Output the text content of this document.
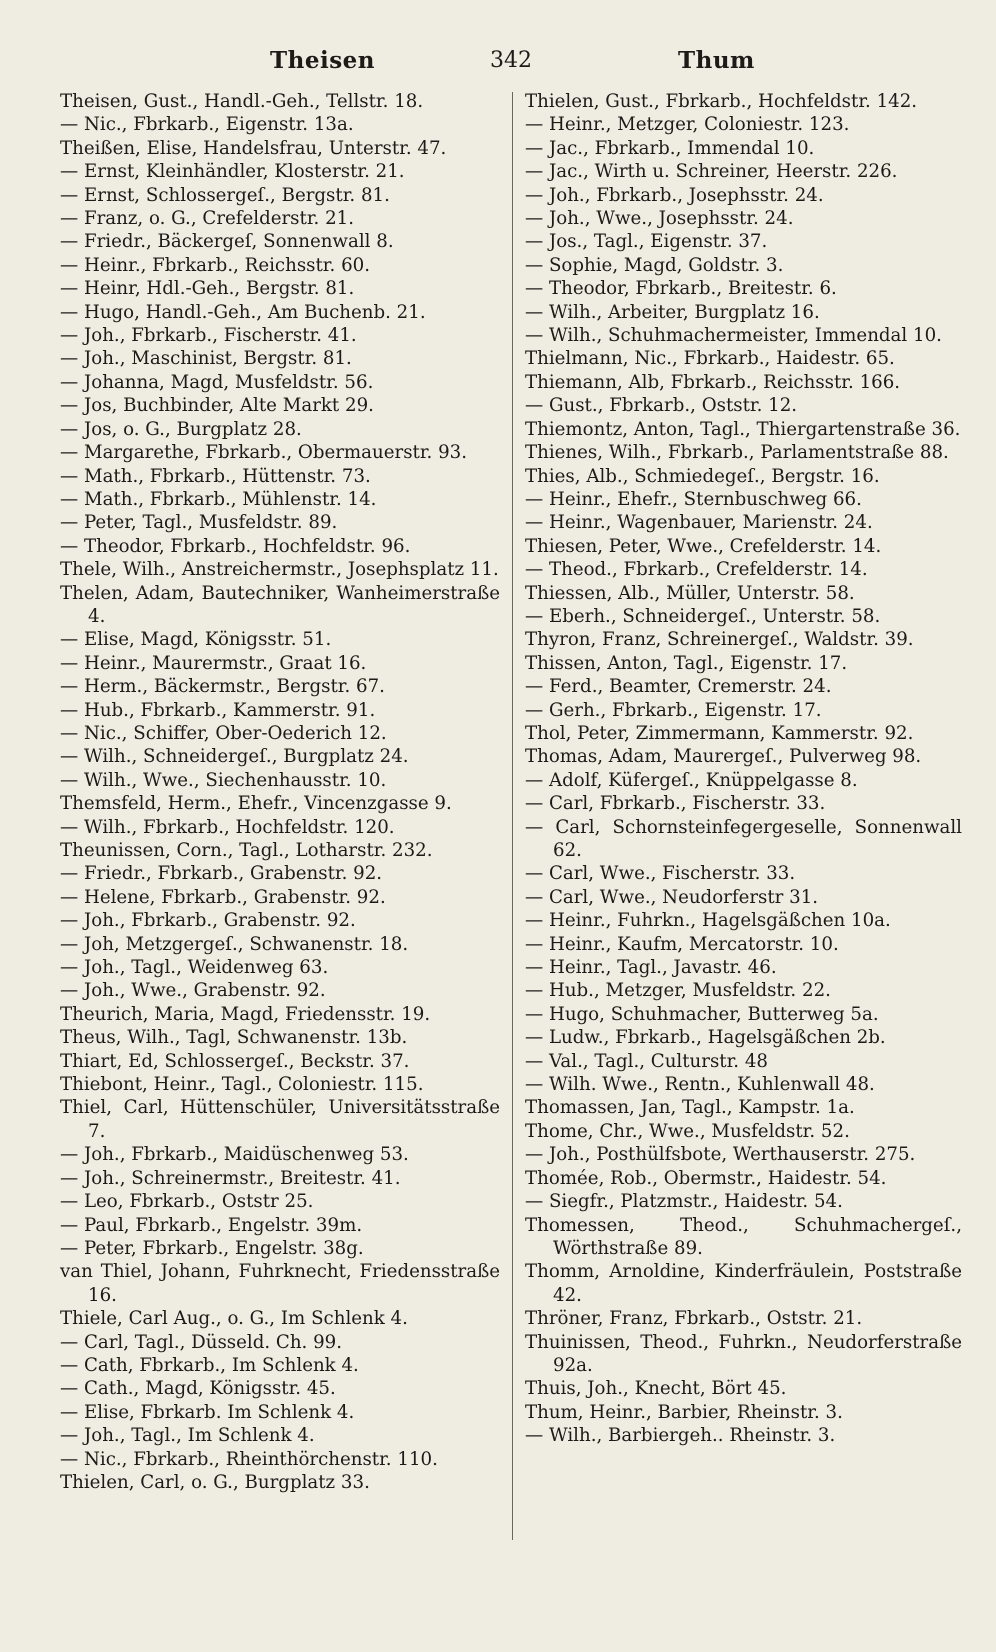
Theisen	342	Thum
Theisen, Gust., Handl.-Geh., Tellstr. 18.
— Nic., Fbrkarb., Eigenstr. 13a.
Theißen, Elise, Handelsfrau, Unterstr. 47.
— Ernst, Kleinhändler, Klosterstr. 21.
— Ernst, Schlossergeſ., Bergstr. 81.
— Franz, o. G., Crefelderstr. 21.
— Friedr., Bäckergeſ, Sonnenwall 8.
— Heinr., Fbrkarb., Reichsstr. 60.
— Heinr, Hdl.-Geh., Bergstr. 81.
— Hugo, Handl.-Geh., Am Buchenb. 21.
— Joh., Fbrkarb., Fischerstr. 41.
— Joh., Maschinist, Bergstr. 81.
— Johanna, Magd, Musfeldstr. 56.
— Jos, Buchbinder, Alte Markt 29.
— Jos, o. G., Burgplatz 28.
— Margarethe, Fbrkarb., Obermauerstr. 93.
— Math., Fbrkarb., Hüttenstr. 73.
— Math., Fbrkarb., Mühlenstr. 14.
— Peter, Tagl., Musfeldstr. 89.
— Theodor, Fbrkarb., Hochfeldstr. 96.
Thele, Wilh., Anstreichermstr., Josephsplatz 11.
Thelen, Adam, Bautechniker, Wanheimerstraße 4.
— Elise, Magd, Königsstr. 51.
— Heinr., Maurermstr., Graat 16.
— Herm., Bäckermstr., Bergstr. 67.
— Hub., Fbrkarb., Kammerstr. 91.
— Nic., Schiffer, Ober-Oederich 12.
— Wilh., Schneidergeſ., Burgplatz 24.
— Wilh., Wwe., Siechenhausstr. 10.
Themsfeld, Herm., Ehefr., Vincenzgasse 9.
— Wilh., Fbrkarb., Hochfeldstr. 120.
Theunissen, Corn., Tagl., Lotharstr. 232.
— Friedr., Fbrkarb., Grabenstr. 92.
— Helene, Fbrkarb., Grabenstr. 92.
— Joh., Fbrkarb., Grabenstr. 92.
— Joh, Metzgergeſ., Schwanenstr. 18.
— Joh., Tagl., Weidenweg 63.
— Joh., Wwe., Grabenstr. 92.
Theurich, Maria, Magd, Friedensstr. 19.
Theus, Wilh., Tagl, Schwanenstr. 13b.
Thiart, Ed, Schlossergeſ., Beckstr. 37.
Thiebont, Heinr., Tagl., Coloniestr. 115.
Thiel, Carl, Hüttenschüler, Universitätsstraße 7.
— Joh., Fbrkarb., Maidüschenweg 53.
— Joh., Schreinermstr., Breitestr. 41.
— Leo, Fbrkarb., Oststr 25.
— Paul, Fbrkarb., Engelstr. 39m.
— Peter, Fbrkarb., Engelstr. 38g.
van Thiel, Johann, Fuhrknecht, Friedensstraße 16.
Thiele, Carl Aug., o. G., Im Schlenk 4.
— Carl, Tagl., Düsseld. Ch. 99.
— Cath, Fbrkarb., Im Schlenk 4.
— Cath., Magd, Königsstr. 45.
— Elise, Fbrkarb. Im Schlenk 4.
— Joh., Tagl., Im Schlenk 4.
— Nic., Fbrkarb., Rheinthörchenstr. 110.
Thielen, Carl, o. G., Burgplatz 33.
Thielen, Gust., Fbrkarb., Hochfeldstr. 142.
— Heinr., Metzger, Coloniestr. 123.
— Jac., Fbrkarb., Immendal 10.
— Jac., Wirth u. Schreiner, Heerstr. 226.
— Joh., Fbrkarb., Josephsstr. 24.
— Joh., Wwe., Josephsstr. 24.
— Jos., Tagl., Eigenstr. 37.
— Sophie, Magd, Goldstr. 3.
— Theodor, Fbrkarb., Breitestr. 6.
— Wilh., Arbeiter, Burgplatz 16.
— Wilh., Schuhmachermeister, Immendal 10.
Thielmann, Nic., Fbrkarb., Haidestr. 65.
Thiemann, Alb, Fbrkarb., Reichsstr. 166.
— Gust., Fbrkarb., Oststr. 12.
Thiemontz, Anton, Tagl., Thiergartenstraße 36.
Thienes, Wilh., Fbrkarb., Parlamentstraße 88.
Thies, Alb., Schmiedegeſ., Bergstr. 16.
— Heinr., Ehefr., Sternbuschweg 66.
— Heinr., Wagenbauer, Marienstr. 24.
Thiesen, Peter, Wwe., Crefelderstr. 14.
— Theod., Fbrkarb., Crefelderstr. 14.
Thiessen, Alb., Müller, Unterstr. 58.
— Eberh., Schneidergeſ., Unterstr. 58.
Thyron, Franz, Schreinergeſ., Waldstr. 39.
Thissen, Anton, Tagl., Eigenstr. 17.
— Ferd., Beamter, Cremerstr. 24.
— Gerh., Fbrkarb., Eigenstr. 17.
Thol, Peter, Zimmermann, Kammerstr. 92.
Thomas, Adam, Maurergeſ., Pulverweg 98.
— Adolf, Küfergeſ., Knüppelgasse 8.
— Carl, Fbrkarb., Fischerstr. 33.
— Carl, Schornsteinfegergeselle, Sonnenwall 62.
— Carl, Wwe., Fischerstr. 33.
— Carl, Wwe., Neudorferstr 31.
— Heinr., Fuhrkn., Hagelsgäßchen 10a.
— Heinr., Kaufm, Mercatorstr. 10.
— Heinr., Tagl., Javastr. 46.
— Hub., Metzger, Musfeldstr. 22.
— Hugo, Schuhmacher, Butterweg 5a.
— Ludw., Fbrkarb., Hagelsgäßchen 2b.
— Val., Tagl., Culturstr. 48
— Wilh. Wwe., Rentn., Kuhlenwall 48.
Thomassen, Jan, Tagl., Kampstr. 1a.
Thome, Chr., Wwe., Musfeldstr. 52.
— Joh., Posthülfsbote, Werthauserstr. 275.
Thomée, Rob., Obermstr., Haidestr. 54.
— Siegfr., Platzmstr., Haidestr. 54.
Thomessen, Theod., Schuhmachergeſ., Wörthstraße 89.
Thomm, Arnoldine, Kinderfräulein, Poststraße 42.
Thröner, Franz, Fbrkarb., Oststr. 21.
Thuinissen, Theod., Fuhrkn., Neudorferstraße 92a.
Thuis, Joh., Knecht, Bört 45.
Thum, Heinr., Barbier, Rheinstr. 3.
— Wilh., Barbiergeh.. Rheinstr. 3.
